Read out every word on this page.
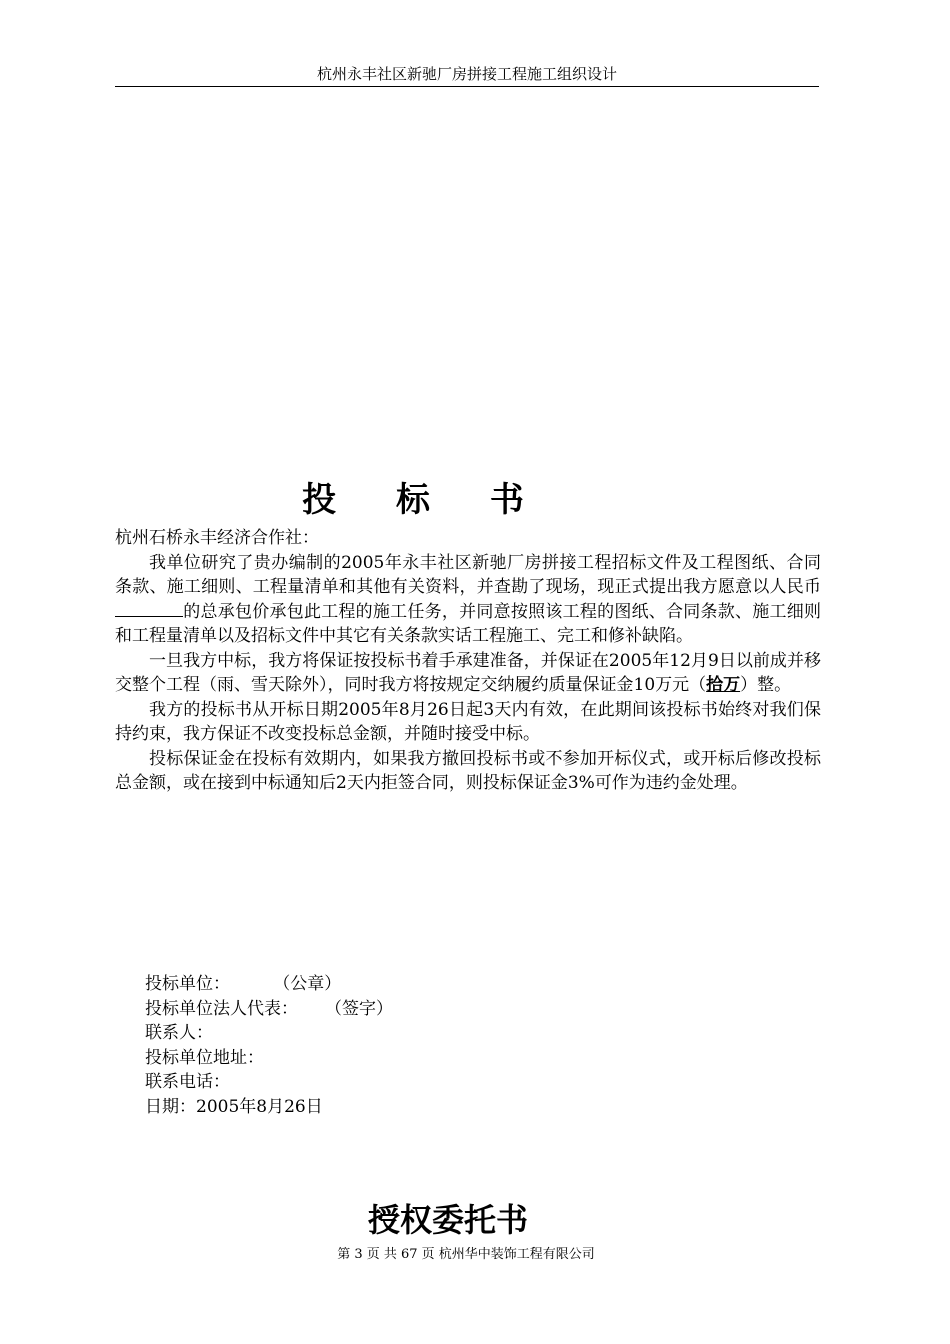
杭州永丰社区新驰厂房拼接工程施工组织设计
投 标 书

杭州石桥永丰经济合作社：

我单位研究了贵办编制的2005年永丰社区新驰厂房拼接工程招标文件及工程图纸、合同条款、施工细则、工程量清单和其他有关资料，并查勘了现场，现正式提出我方愿意以人民币的总承包价承包此工程的施工任务，并同意按照该工程的图纸、合同条款、施工细则和工程量清单以及招标文件中其它有关条款实话工程施工、完工和修补缺陷。

一旦我方中标，我方将保证按投标书着手承建准备，并保证在2005年12月9日以前成并移交整个工程（雨、雪天除外），同时我方将按规定交纳履约质量保证金10万元（拾万）整。

我方的投标书从开标日期2005年8月26日起3天内有效，在此期间该投标书始终对我们保持约束，我方保证不改变投标总金额，并随时接受中标。

投标保证金在投标有效期内，如果我方撤回投标书或不参加开标仪式，或开标后修改投标总金额，或在接到中标通知后2天内拒签合同，则投标保证金3%可作为违约金处理。

投标单位：        （公章）
投标单位法人代表：     （签字）
联系人：
投标单位地址：
联系电话：
日期：2005年8月26日
授权委托书
第 3 页 共 67 页 杭州华中装饰工程有限公司
